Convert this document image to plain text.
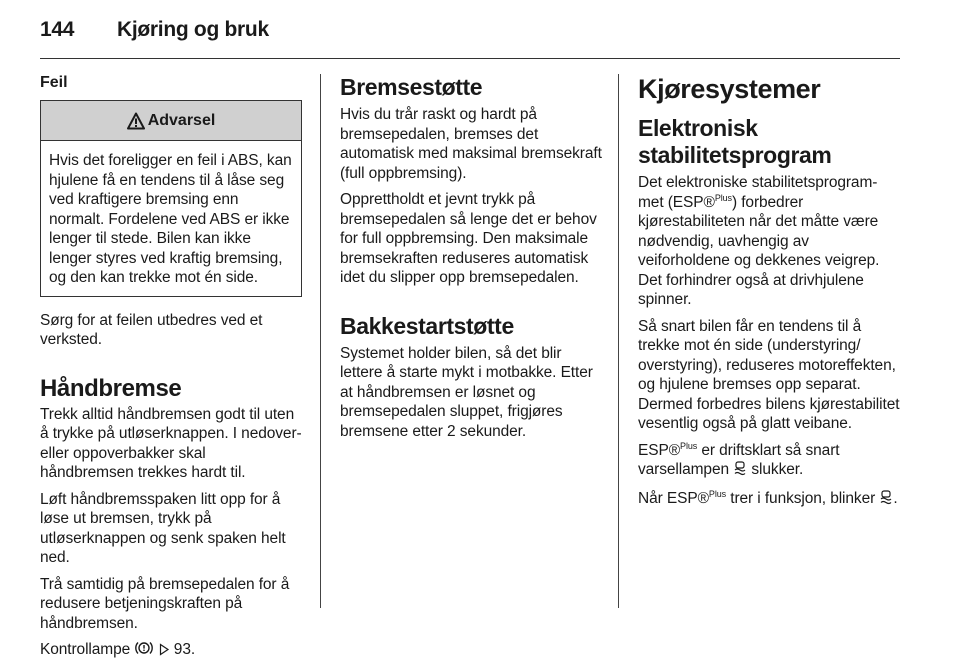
144	Kjøring og bruk
Feil
Advarsel

Hvis det foreligger en feil i ABS, kan hjulene få en tendens til å låse seg ved kraftigere bremsing enn normalt. Fordelene ved ABS er ikke lenger til stede. Bilen kan ikke lenger styres ved kraftig bremsing, og den kan trekke mot én side.

Sørg for at feilen utbedres ved et verksted.

Håndbremse

Trekk alltid håndbremsen godt til uten å trykke på utløserknappen. I nedover- eller oppoverbakker skal håndbremsen trekkes hardt til.

Løft håndbremsspaken litt opp for å løse ut bremsen, trykk på utløserknappen og senk spaken helt ned.

Trå samtidig på bremsepedalen for å redusere betjeningskraften på håndbremsen.

Kontrollampe	93.

Bremsestøtte

Hvis du trår raskt og hardt på bremsepedalen, bremses det automatisk med maksimal bremsekraft (full oppbremsing).

Opprettholdt et jevnt trykk på bremsepedalen så lenge det er behov for full oppbremsing. Den maksimale bremsekraften reduseres automatisk idet du slipper opp bremsepedalen.

Bakkestartstøtte

Systemet holder bilen, så det blir lettere å starte mykt i motbakke. Etter at håndbremsen er løsnet og bremsepedalen sluppet, frigjøres bremsene etter 2 sekunder.

Kjøresystemer
Elektronisk stabilitetsprogram

Det elektroniske stabilitetsprogram-met (ESP®$^{Plus}$) forbedrer kjørestabiliteten når det måtte være nødvendig, uavhengig av veiforholdene og dekkenes veigrep. Det forhindrer også at drivhjulene spinner.

Så snart bilen får en tendens til å trekke mot én side (understyring/ overstyring), reduseres motoreffekten, og hjulene bremses opp separat. Dermed forbedres bilens kjørestabilitet vesentlig også på glatt veibane.

ESP®$^{Plus}$ er driftsklart så snart varsellampen  slukker.

Når ESP®$^{Plus}$ trer i funksjon, blinker .
